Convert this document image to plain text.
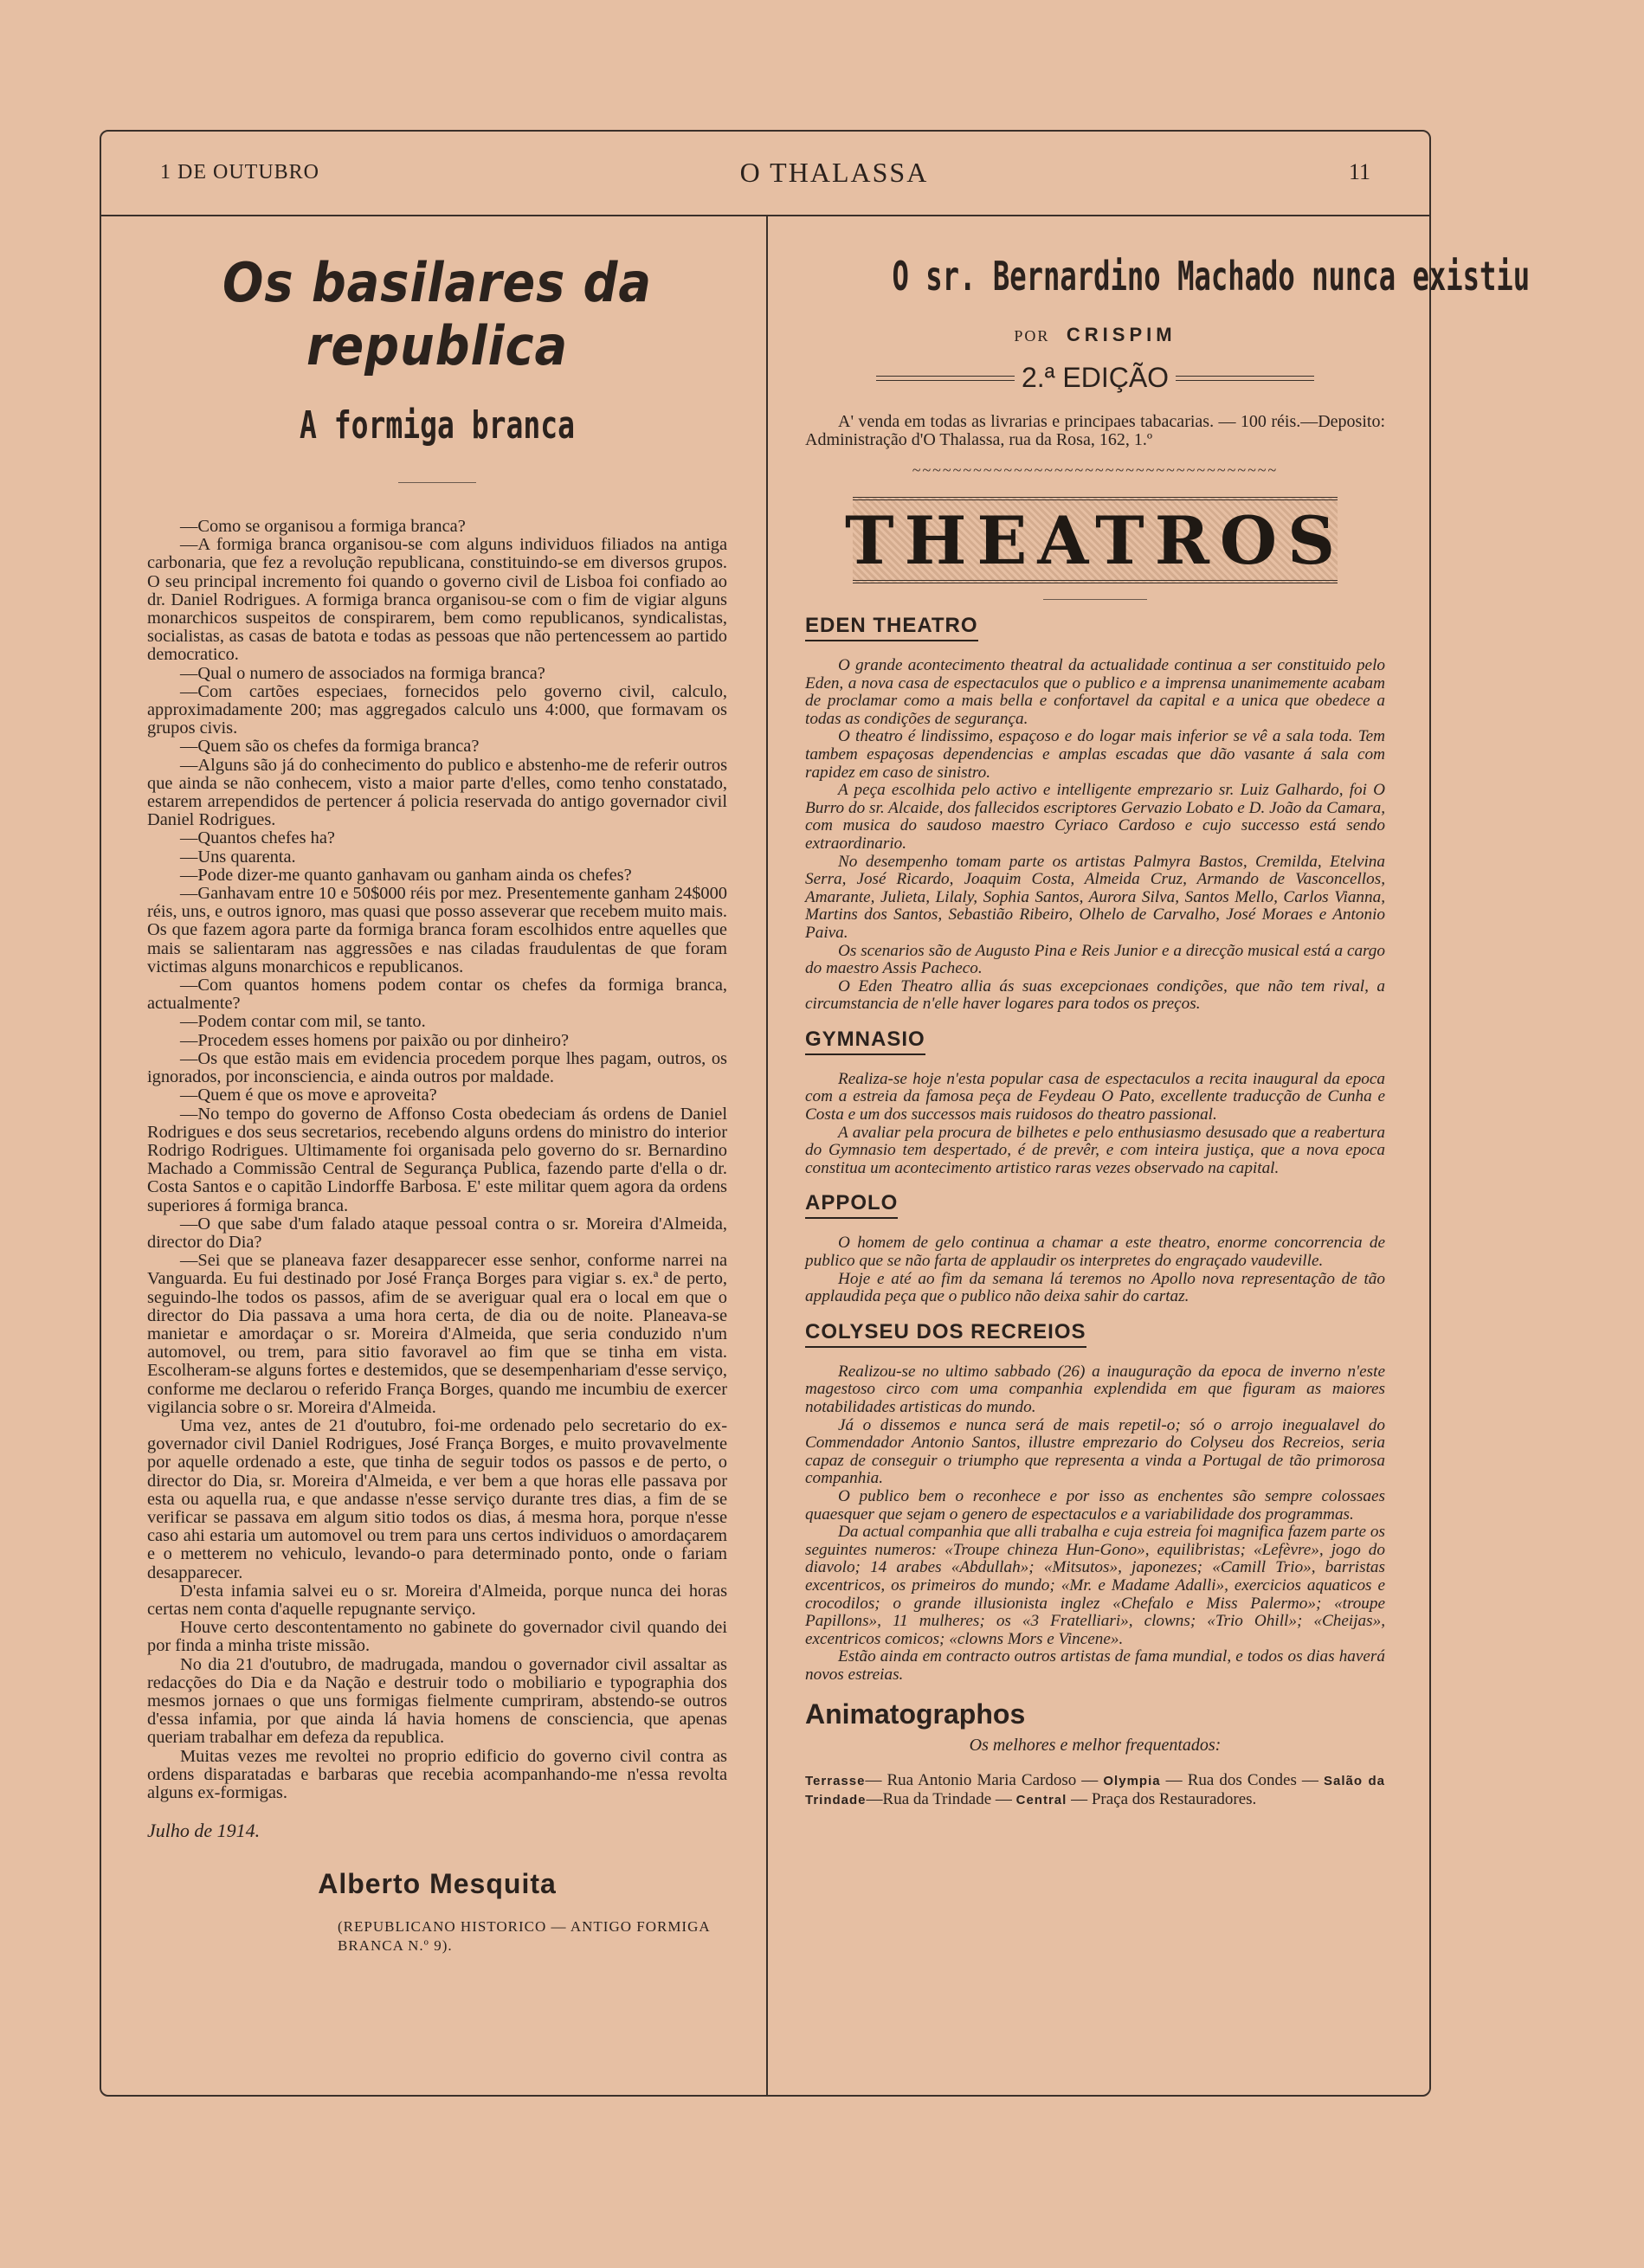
1 DE OUTUBRO	O THALASSA	11
Os basilares da republica
A formiga branca

—Como se organisou a formiga branca?

—A formiga branca organisou-se com alguns individuos filiados na antiga carbonaria, que fez a revolução republicana, constituindo-se em diversos grupos. O seu principal incremento foi quando o governo civil de Lisboa foi confiado ao dr. Daniel Rodrigues. A formiga branca organisou-se com o fim de vigiar alguns monarchicos suspeitos de conspirarem, bem como republicanos, syndicalistas, socialistas, as casas de batota e todas as pessoas que não pertencessem ao partido democratico.

—Qual o numero de associados na formiga branca?

—Com cartões especiaes, fornecidos pelo governo civil, calculo, approximadamente 200; mas aggregados calculo uns 4:000, que formavam os grupos civis.

—Quem são os chefes da formiga branca?

—Alguns são já do conhecimento do publico e abstenho-me de referir outros que ainda se não conhecem, visto a maior parte d'elles, como tenho constatado, estarem arrependidos de pertencer á policia reservada do antigo governador civil Daniel Rodrigues.

—Quantos chefes ha?

—Uns quarenta.

—Pode dizer-me quanto ganhavam ou ganham ainda os chefes?

—Ganhavam entre 10 e 50$000 réis por mez. Presentemente ganham 24$000 réis, uns, e outros ignoro, mas quasi que posso asseverar que recebem muito mais. Os que fazem agora parte da formiga branca foram escolhidos entre aquelles que mais se salientaram nas aggressões e nas ciladas fraudulentas de que foram victimas alguns monarchicos e republicanos.

—Com quantos homens podem contar os chefes da formiga branca, actualmente?

—Podem contar com mil, se tanto.

—Procedem esses homens por paixão ou por dinheiro?

—Os que estão mais em evidencia procedem porque lhes pagam, outros, os ignorados, por inconsciencia, e ainda outros por maldade.

—Quem é que os move e aproveita?

—No tempo do governo de Affonso Costa obedeciam ás ordens de Daniel Rodrigues e dos seus secretarios, recebendo alguns ordens do ministro do interior Rodrigo Rodrigues. Ultimamente foi organisada pelo governo do sr. Bernardino Machado a Commissão Central de Segurança Publica, fazendo parte d'ella o dr. Costa Santos e o capitão Lindorffe Barbosa. E' este militar quem agora da ordens superiores á formiga branca.

—O que sabe d'um falado ataque pessoal contra o sr. Moreira d'Almeida, director do Dia?

—Sei que se planeava fazer desapparecer esse senhor, conforme narrei na Vanguarda. Eu fui destinado por José França Borges para vigiar s. ex.ª de perto, seguindo-lhe todos os passos, afim de se averiguar qual era o local em que o director do Dia passava a uma hora certa, de dia ou de noite. Planeava-se manietar e amordaçar o sr. Moreira d'Almeida, que seria conduzido n'um automovel, ou trem, para sitio favoravel ao fim que se tinha em vista. Escolheram-se alguns fortes e destemidos, que se desempenhariam d'esse serviço, conforme me declarou o referido França Borges, quando me incumbiu de exercer vigilancia sobre o sr. Moreira d'Almeida.

Uma vez, antes de 21 d'outubro, foi-me ordenado pelo secretario do ex-governador civil Daniel Rodrigues, José França Borges, e muito provavelmente por aquelle ordenado a este, que tinha de seguir todos os passos e de perto, o director do Dia, sr. Moreira d'Almeida, e ver bem a que horas elle passava por esta ou aquella rua, e que andasse n'esse serviço durante tres dias, a fim de se verificar se passava em algum sitio todos os dias, á mesma hora, porque n'esse caso ahi estaria um automovel ou trem para uns certos individuos o amordaçarem e o metterem no vehiculo, levando-o para determinado ponto, onde o fariam desapparecer.

D'esta infamia salvei eu o sr. Moreira d'Almeida, porque nunca dei horas certas nem conta d'aquelle repugnante serviço.

Houve certo descontentamento no gabinete do governador civil quando dei por finda a minha triste missão.

No dia 21 d'outubro, de madrugada, mandou o governador civil assaltar as redacções do Dia e da Nação e destruir todo o mobiliario e typographia dos mesmos jornaes o que uns formigas fielmente cumpriram, abstendo-se outros d'essa infamia, por que ainda lá havia homens de consciencia, que apenas queriam trabalhar em defeza da republica.

Muitas vezes me revoltei no proprio edificio do governo civil contra as ordens disparatadas e barbaras que recebia acompanhando-me n'essa revolta alguns ex-formigas.

Julho de 1914.
Alberto Mesquita
(REPUBLICANO HISTORICO — ANTIGO FORMIGA BRANCA N.º 9).
O sr. Bernardino Machado nunca existiu
POR CRISPIM
2.ª EDIÇÃO
A' venda em todas as livrarias e principaes tabacarias. — 100 réis.—Deposito: Administração d'O Thalassa, rua da Rosa, 162, 1.º
~~~~~~~~~~~~~~~~~~~~~~~~~~~~~~~~~~~~
THEATROS
EDEN THEATRO

O grande acontecimento theatral da actualidade continua a ser constituido pelo Eden, a nova casa de espectaculos que o publico e a imprensa unanimemente acabam de proclamar como a mais bella e confortavel da capital e a unica que obedece a todas as condições de segurança.

O theatro é lindissimo, espaçoso e do logar mais inferior se vê a sala toda. Tem tambem espaçosas dependencias e amplas escadas que dão vasante á sala com rapidez em caso de sinistro.

A peça escolhida pelo activo e intelligente emprezario sr. Luiz Galhardo, foi O Burro do sr. Alcaide, dos fallecidos escriptores Gervazio Lobato e D. João da Camara, com musica do saudoso maestro Cyriaco Cardoso e cujo successo está sendo extraordinario.

No desempenho tomam parte os artistas Palmyra Bastos, Cremilda, Etelvina Serra, José Ricardo, Joaquim Costa, Almeida Cruz, Armando de Vasconcellos, Amarante, Julieta, Lilaly, Sophia Santos, Aurora Silva, Santos Mello, Carlos Vianna, Martins dos Santos, Sebastião Ribeiro, Olhelo de Carvalho, José Moraes e Antonio Paiva.

Os scenarios são de Augusto Pina e Reis Junior e a direcção musical está a cargo do maestro Assis Pacheco.

O Eden Theatro allia ás suas excepcionaes condições, que não tem rival, a circumstancia de n'elle haver logares para todos os preços.

GYMNASIO

Realiza-se hoje n'esta popular casa de espectaculos a recita inaugural da epoca com a estreia da famosa peça de Feydeau O Pato, excellente traducção de Cunha e Costa e um dos successos mais ruidosos do theatro passional.

A avaliar pela procura de bilhetes e pelo enthusiasmo desusado que a reabertura do Gymnasio tem despertado, é de prevêr, e com inteira justiça, que a nova epoca constitua um acontecimento artistico raras vezes observado na capital.

APPOLO

O homem de gelo continua a chamar a este theatro, enorme concorrencia de publico que se não farta de applaudir os interpretes do engraçado vaudeville.

Hoje e até ao fim da semana lá teremos no Apollo nova representação de tão applaudida peça que o publico não deixa sahir do cartaz.

COLYSEU DOS RECREIOS

Realizou-se no ultimo sabbado (26) a inauguração da epoca de inverno n'este magestoso circo com uma companhia explendida em que figuram as maiores notabilidades artisticas do mundo.

Já o dissemos e nunca será de mais repetil-o; só o arrojo inegualavel do Commendador Antonio Santos, illustre emprezario do Colyseu dos Recreios, seria capaz de conseguir o triumpho que representa a vinda a Portugal de tão primorosa companhia.

O publico bem o reconhece e por isso as enchentes são sempre colossaes quaesquer que sejam o genero de espectaculos e a variabilidade dos programmas.

Da actual companhia que alli trabalha e cuja estreia foi magnifica fazem parte os seguintes numeros: «Troupe chineza Hun-Gono», equilibristas; «Lefèvre», jogo do diavolo; 14 arabes «Abdullah»; «Mitsutos», japonezes; «Camill Trio», barristas excentricos, os primeiros do mundo; «Mr. e Madame Adalli», exercicios aquaticos e crocodilos; o grande illusionista inglez «Chefalo e Miss Palermo»; «troupe Papillons», 11 mulheres; os «3 Fratelliari», clowns; «Trio Ohill»; «Cheijas», excentricos comicos; «clowns Mors e Vincene».

Estão ainda em contracto outros artistas de fama mundial, e todos os dias haverá novos estreias.

Animatographos
Os melhores e melhor frequentados:
Terrasse— Rua Antonio Maria Cardoso — Olympia — Rua dos Condes — Salão da Trindade—Rua da Trindade — Central — Praça dos Restauradores.
